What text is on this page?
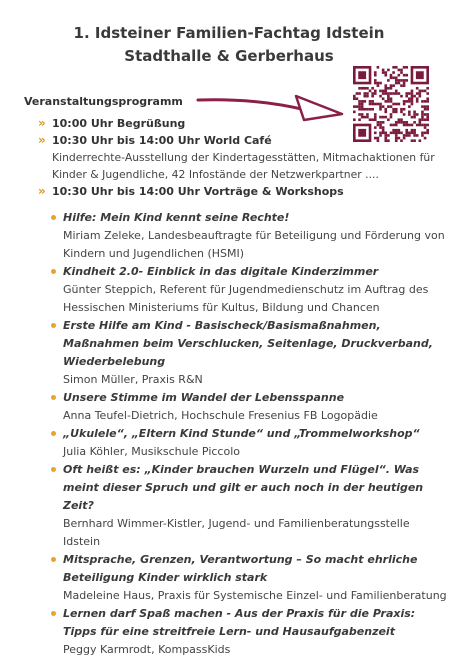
1. Idsteiner Familien-Fachtag Idstein
Stadthalle & Gerberhaus
Veranstaltungsprogramm
» 10:00 Uhr Begrüßung
» 10:30 Uhr bis 14:00 Uhr World Café
Kinderrechte-Ausstellung der Kindertagesstätten, Mitmachaktionen für Kinder & Jugendliche, 42 Infostände der Netzwerkpartner ....
» 10:30 Uhr bis 14:00 Uhr Vorträge & Workshops
Hilfe: Mein Kind kennt seine Rechte!
Miriam Zeleke, Landesbeauftragte für Beteiligung und Förderung von Kindern und Jugendlichen (HSMI)
Kindheit 2.0- Einblick in das digitale Kinderzimmer
Günter Steppich, Referent für Jugendmedienschutz im Auftrag des Hessischen Ministeriums für Kultus, Bildung und Chancen
Erste Hilfe am Kind - Basischeck/Basismaßnahmen, Maßnahmen beim Verschlucken, Seitenlage, Druckverband, Wiederbelebung
Simon Müller, Praxis R&N
Unsere Stimme im Wandel der Lebensspanne
Anna Teufel-Dietrich, Hochschule Fresenius FB Logopädie
„Ukulele“, „Eltern Kind Stunde“ und „Trommelworkshop“
Julia Köhler, Musikschule Piccolo
Oft heißt es: „Kinder brauchen Wurzeln und Flügel“. Was meint dieser Spruch und gilt er auch noch in der heutigen Zeit?
Bernhard Wimmer-Kistler, Jugend- und Familienberatungsstelle Idstein
Mitsprache, Grenzen, Verantwortung – So macht ehrliche Beteiligung Kinder wirklich stark
Madeleine Haus, Praxis für Systemische Einzel- und Familienberatung
Lernen darf Spaß machen - Aus der Praxis für die Praxis: Tipps für eine streitfreie Lern- und Hausaufgabenzeit
Peggy Karmrodt, KompassKids
